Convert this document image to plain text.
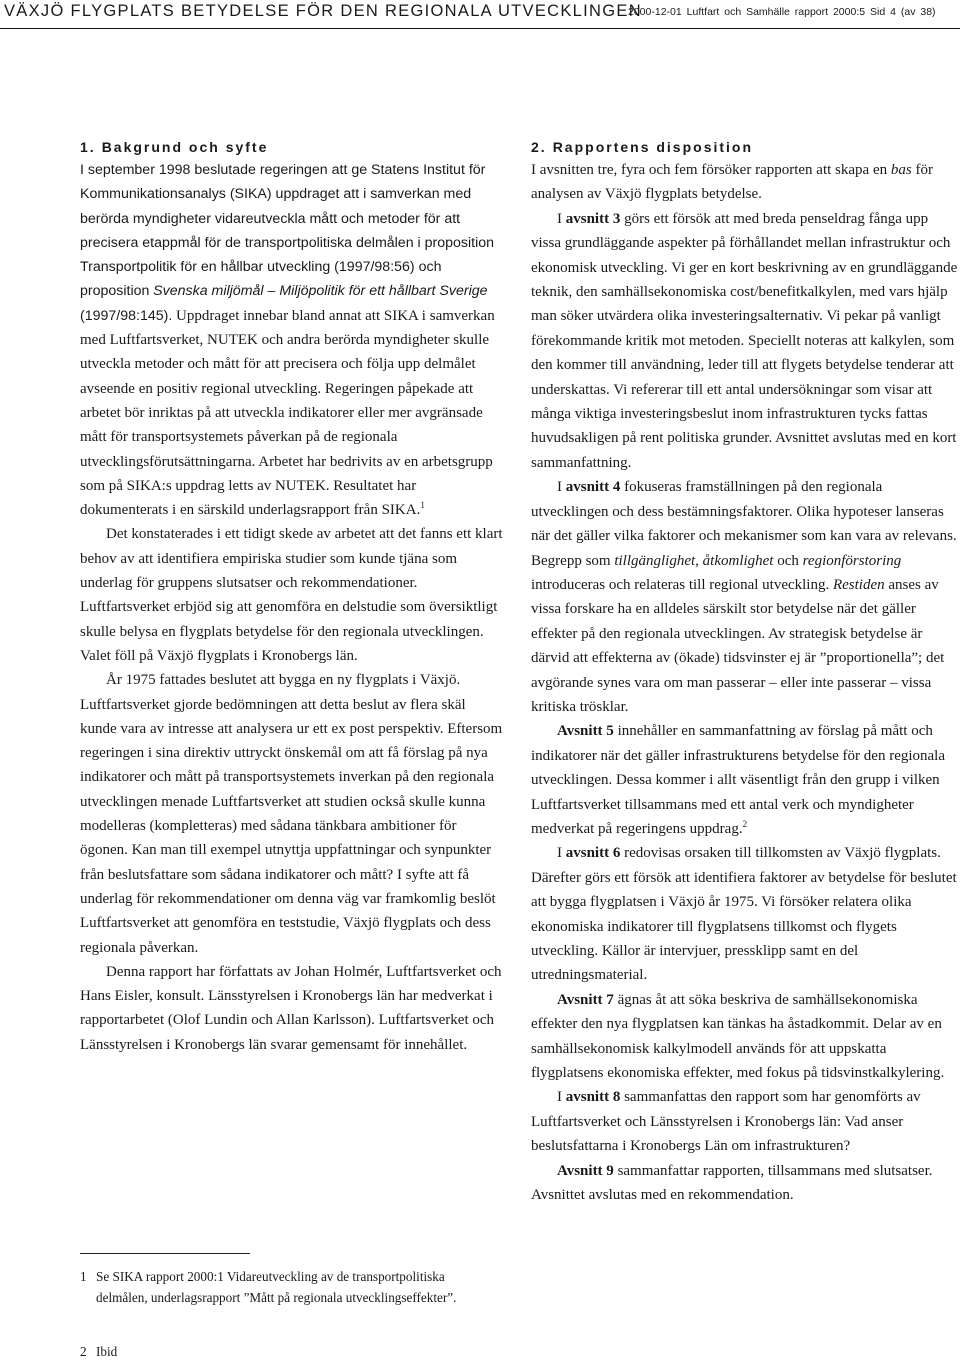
VÄXJÖ FLYGPLATS BETYDELSE FÖR DEN REGIONALA UTVECKLINGEN
2000-12-01 Luftfart och Samhälle rapport 2000:5 Sid 4 (av 38)
1. Bakgrund och syfte

I september 1998 beslutade regeringen att ge Statens Institut för Kommunikationsanalys (SIKA) uppdraget att i samverkan med berörda myndigheter vidareutveckla mått och metoder för att precisera etappmål för de transportpolitiska delmålen i proposition Transportpolitik för en hållbar utveckling (1997/98:56) och proposition Svenska miljömål – Miljöpolitik för ett hållbart Sverige (1997/98:145). Uppdraget innebar bland annat att SIKA i samverkan med Luftfartsverket, NUTEK och andra berörda myndigheter skulle utveckla metoder och mått för att precisera och följa upp delmålet avseende en positiv regional utveckling. Regeringen påpekade att arbetet bör inriktas på att utveckla indikatorer eller mer avgränsade mått för transportsystemets påverkan på de regionala utvecklingsförutsättningarna. Arbetet har bedrivits av en arbetsgrupp som på SIKA:s uppdrag letts av NUTEK. Resultatet har dokumenterats i en särskild underlagsrapport från SIKA.$^1$

Det konstaterades i ett tidigt skede av arbetet att det fanns ett klart behov av att identifiera empiriska studier som kunde tjäna som underlag för gruppens slutsatser och rekommendationer. Luftfartsverket erbjöd sig att genomföra en delstudie som översiktligt skulle belysa en flygplats betydelse för den regionala utvecklingen. Valet föll på Växjö flygplats i Kronobergs län.

År 1975 fattades beslutet att bygga en ny flygplats i Växjö. Luftfartsverket gjorde bedömningen att detta beslut av flera skäl kunde vara av intresse att analysera ur ett ex post perspektiv. Eftersom regeringen i sina direktiv uttryckt önskemål om att få förslag på nya indikatorer och mått på transportsystemets inverkan på den regionala utvecklingen menade Luftfartsverket att studien också skulle kunna modelleras (kompletteras) med sådana tänkbara ambitioner för ögonen. Kan man till exempel utnyttja uppfattningar och synpunkter från beslutsfattare som sådana indikatorer och mått? I syfte att få underlag för rekommendationer om denna väg var framkomlig beslöt Luftfartsverket att genomföra en teststudie, Växjö flygplats och dess regionala påverkan.

Denna rapport har författats av Johan Holmér, Luftfartsverket och Hans Eisler, konsult. Länsstyrelsen i Kronobergs län har medverkat i rapportarbetet (Olof Lundin och Allan Karlsson). Luftfartsverket och Länsstyrelsen i Kronobergs län svarar gemensamt för innehållet.

2. Rapportens disposition

I avsnitten tre, fyra och fem försöker rapporten att skapa en bas för analysen av Växjö flygplats betydelse.

I avsnitt 3 görs ett försök att med breda penseldrag fånga upp vissa grundläggande aspekter på förhållandet mellan infrastruktur och ekonomisk utveckling. Vi ger en kort beskrivning av en grundläggande teknik, den samhällsekonomiska cost/benefitkalkylen, med vars hjälp man söker utvärdera olika investeringsalternativ. Vi pekar på vanligt förekommande kritik mot metoden. Speciellt noteras att kalkylen, som den kommer till användning, leder till att flygets betydelse tenderar att underskattas. Vi refererar till ett antal undersökningar som visar att många viktiga investeringsbeslut inom infrastrukturen tycks fattas huvudsakligen på rent politiska grunder. Avsnittet avslutas med en kort sammanfattning.

I avsnitt 4 fokuseras framställningen på den regionala utvecklingen och dess bestämningsfaktorer. Olika hypoteser lanseras när det gäller vilka faktorer och mekanismer som kan vara av relevans. Begrepp som tillgänglighet, åtkomlighet och regionförstoring introduceras och relateras till regional utveckling. Restiden anses av vissa forskare ha en alldeles särskilt stor betydelse när det gäller effekter på den regionala utvecklingen. Av strategisk betydelse är därvid att effekterna av (ökade) tidsvinster ej är ”proportionella”; det avgörande synes vara om man passerar – eller inte passerar – vissa kritiska trösklar.

Avsnitt 5 innehåller en sammanfattning av förslag på mått och indikatorer när det gäller infrastrukturens betydelse för den regionala utvecklingen. Dessa kommer i allt väsentligt från den grupp i vilken Luftfartsverket tillsammans med ett antal verk och myndigheter medverkat på regeringens uppdrag.$^2$

I avsnitt 6 redovisas orsaken till tillkomsten av Växjö flygplats. Därefter görs ett försök att identifiera faktorer av betydelse för beslutet att bygga flygplatsen i Växjö år 1975. Vi försöker relatera olika ekonomiska indikatorer till flygplatsens tillkomst och flygets utveckling. Källor är intervjuer, pressklipp samt en del utredningsmaterial.

Avsnitt 7 ägnas åt att söka beskriva de samhällsekonomiska effekter den nya flygplatsen kan tänkas ha åstadkommit. Delar av en samhällsekonomisk kalkylmodell används för att uppskatta flygplatsens ekonomiska effekter, med fokus på tidsvinstkalkylering.

I avsnitt 8 sammanfattas den rapport som har genomförts av Luftfartsverket och Länsstyrelsen i Kronobergs län: Vad anser beslutsfattarna i Kronobergs Län om infrastrukturen?

Avsnitt 9 sammanfattar rapporten, tillsammans med slutsatser. Avsnittet avslutas med en rekommendation.

1 Se SIKA rapport 2000:1 Vidareutveckling av de transportpolitiska delmålen, underlagsrapport ”Mått på regionala utvecklingseffekter”.
2 Ibid
